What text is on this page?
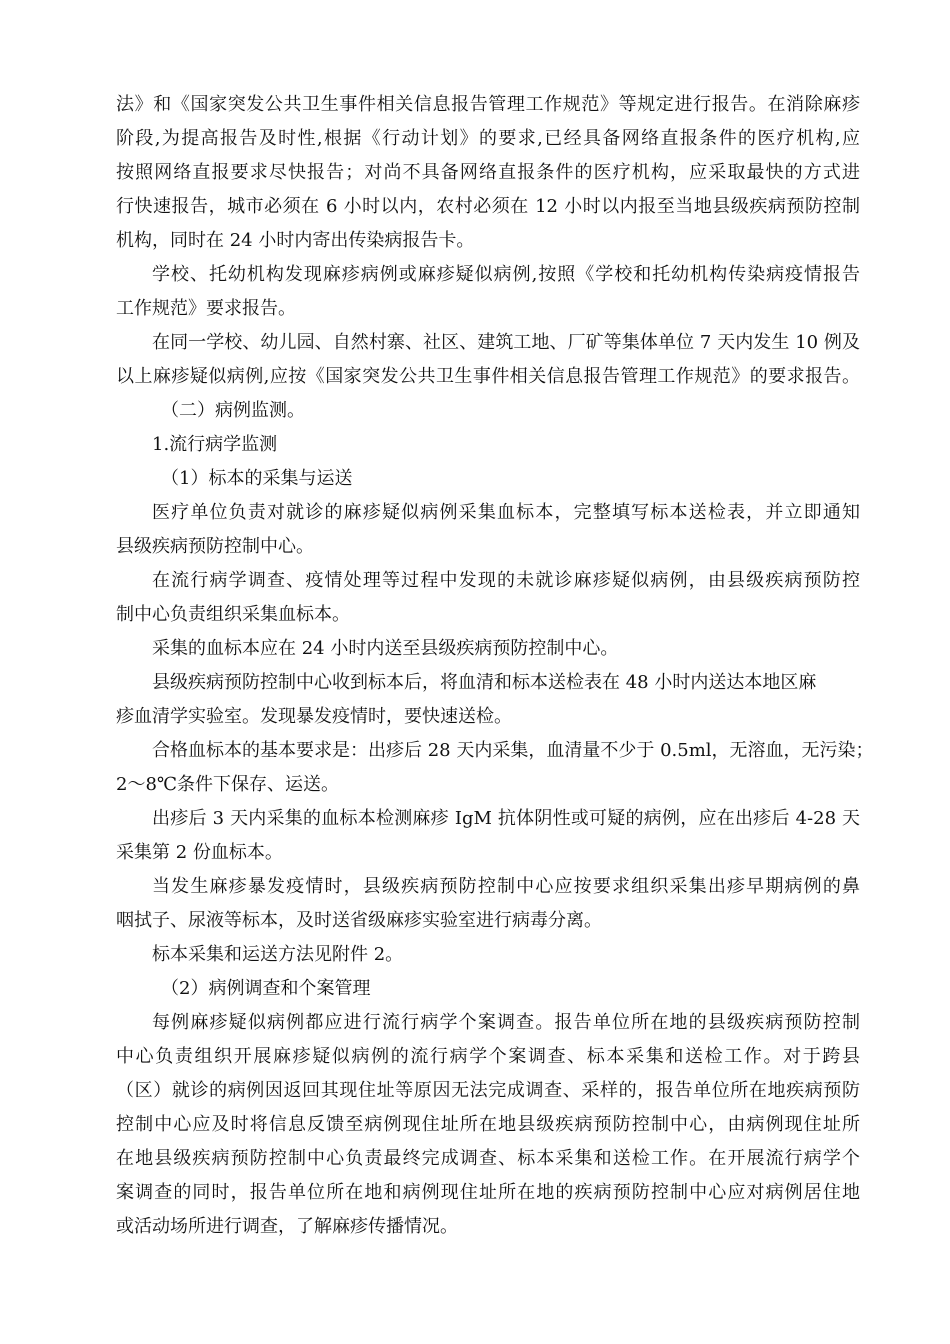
法》和《国家突发公共卫生事件相关信息报告管理工作规范》等规定进行报告。在消除麻疹
阶段,为提高报告及时性,根据《行动计划》的要求,已经具备网络直报条件的医疗机构,应
按照网络直报要求尽快报告；对尚不具备网络直报条件的医疗机构，应采取最快的方式进
行快速报告，城市必须在 6 小时以内，农村必须在 12 小时以内报至当地县级疾病预防控制
机构，同时在 24 小时内寄出传染病报告卡。
学校、托幼机构发现麻疹病例或麻疹疑似病例,按照《学校和托幼机构传染病疫情报告
工作规范》要求报告。
在同一学校、幼儿园、自然村寨、社区、建筑工地、厂矿等集体单位 7 天内发生 10 例及
以上麻疹疑似病例,应按《国家突发公共卫生事件相关信息报告管理工作规范》的要求报告。
（二）病例监测。
1.流行病学监测
（1）标本的采集与运送
医疗单位负责对就诊的麻疹疑似病例采集血标本，完整填写标本送检表，并立即通知
县级疾病预防控制中心。
在流行病学调查、疫情处理等过程中发现的未就诊麻疹疑似病例，由县级疾病预防控
制中心负责组织采集血标本。
采集的血标本应在 24 小时内送至县级疾病预防控制中心。
县级疾病预防控制中心收到标本后，将血清和标本送检表在 48 小时内送达本地区麻
疹血清学实验室。发现暴发疫情时，要快速送检。
合格血标本的基本要求是：出疹后 28 天内采集，血清量不少于 0.5ml，无溶血，无污染；
2～8℃条件下保存、运送。
出疹后 3 天内采集的血标本检测麻疹 IgM 抗体阴性或可疑的病例，应在出疹后 4-28 天
采集第 2 份血标本。
当发生麻疹暴发疫情时，县级疾病预防控制中心应按要求组织采集出疹早期病例的鼻
咽拭子、尿液等标本，及时送省级麻疹实验室进行病毒分离。
标本采集和运送方法见附件 2。
（2）病例调查和个案管理
每例麻疹疑似病例都应进行流行病学个案调查。报告单位所在地的县级疾病预防控制
中心负责组织开展麻疹疑似病例的流行病学个案调查、标本采集和送检工作。对于跨县
（区）就诊的病例因返回其现住址等原因无法完成调查、采样的，报告单位所在地疾病预防
控制中心应及时将信息反馈至病例现住址所在地县级疾病预防控制中心，由病例现住址所
在地县级疾病预防控制中心负责最终完成调查、标本采集和送检工作。在开展流行病学个
案调查的同时，报告单位所在地和病例现住址所在地的疾病预防控制中心应对病例居住地
或活动场所进行调查，了解麻疹传播情况。
